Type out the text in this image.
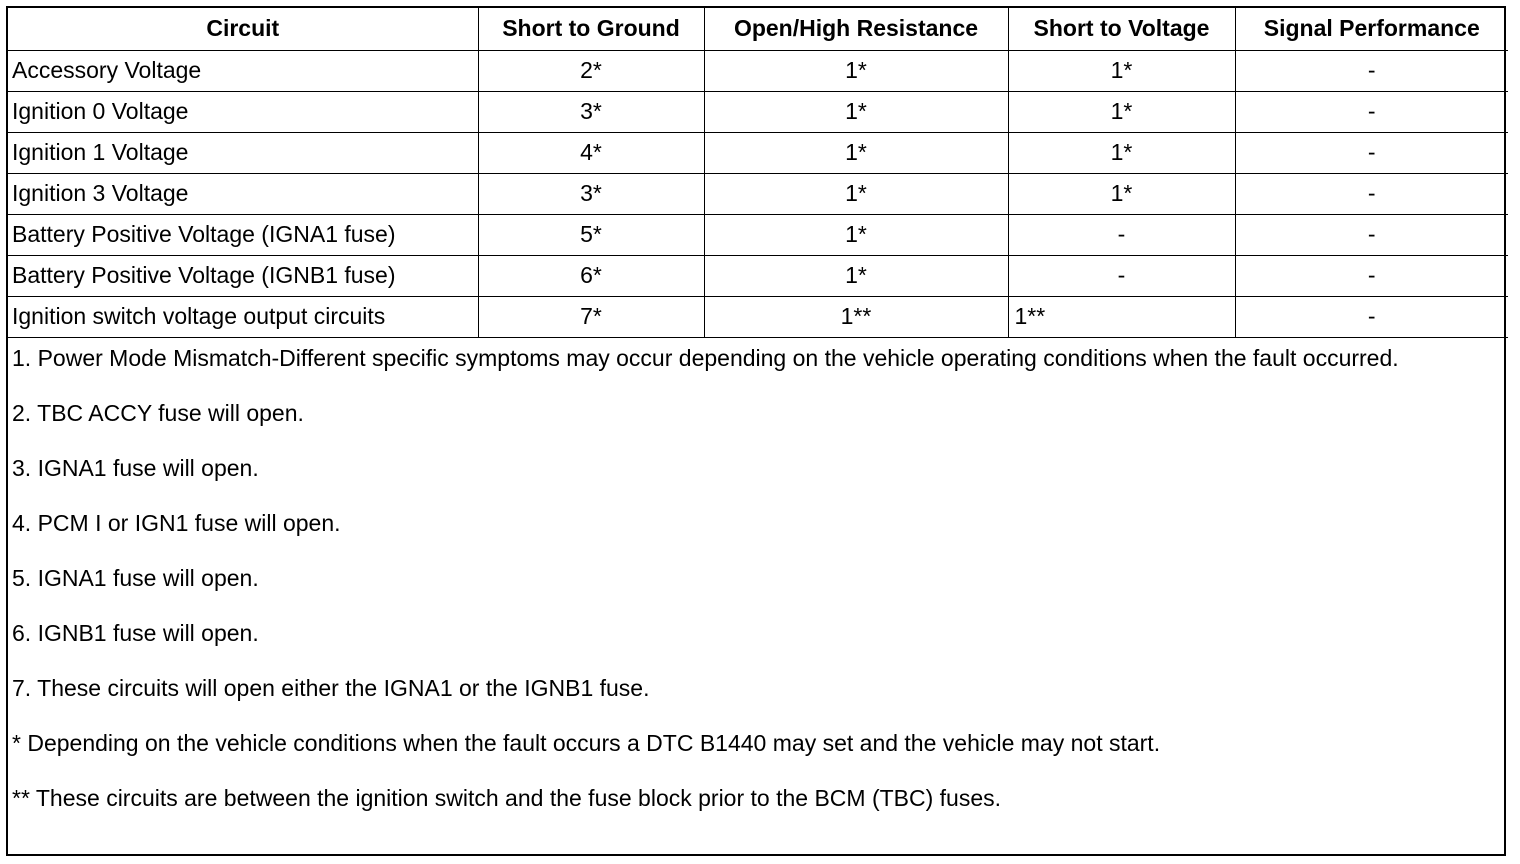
Circuit	Short to Ground	Open/High Resistance	Short to Voltage	Signal Performance
Accessory Voltage	2*	1*	1*	-
Ignition 0 Voltage	3*	1*	1*	-
Ignition 1 Voltage	4*	1*	1*	-
Ignition 3 Voltage	3*	1*	1*	-
Battery Positive Voltage (IGNA1 fuse)	5*	1*	-	-
Battery Positive Voltage (IGNB1 fuse)	6*	1*	-	-
Ignition switch voltage output circuits	7*	1**	1**	-

1. Power Mode Mismatch-Different specific symptoms may occur depending on the vehicle operating conditions when the fault occurred.

2. TBC ACCY fuse will open.

3. IGNA1 fuse will open.

4. PCM I or IGN1 fuse will open.

5. IGNA1 fuse will open.

6. IGNB1 fuse will open.

7. These circuits will open either the IGNA1 or the IGNB1 fuse.

* Depending on the vehicle conditions when the fault occurs a DTC B1440 may set and the vehicle may not start.

** These circuits are between the ignition switch and the fuse block prior to the BCM (TBC) fuses.
